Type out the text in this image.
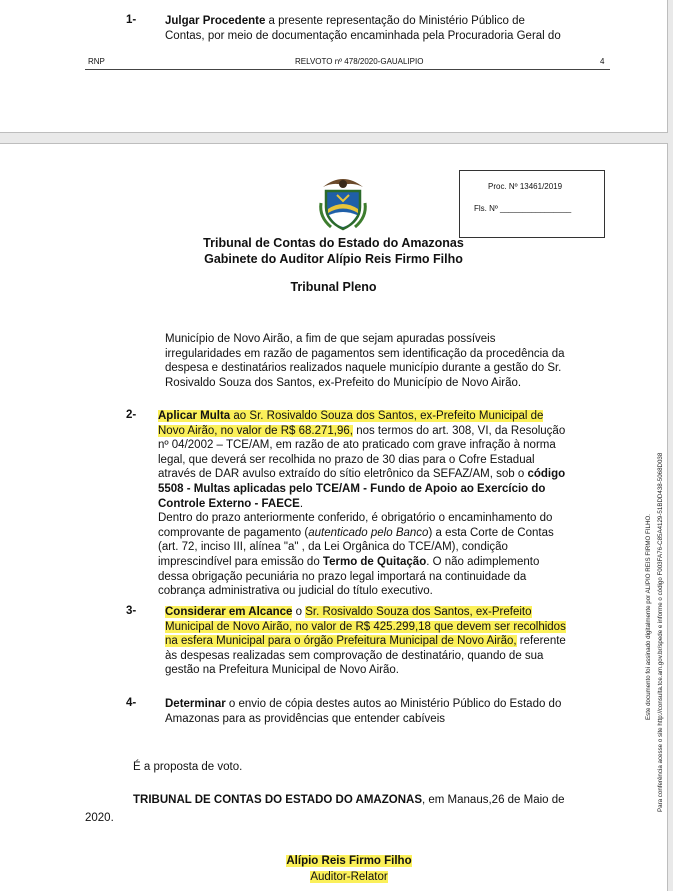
1-	Julgar Procedente a presente representação do Ministério Público de
Contas, por meio de documentação encaminhada pela Procuradoria Geral do
RNP	RELVOTO nº 478/2020-GAUALIPIO	4
Proc. Nº 13461/2019
Fls. Nº ________________
Tribunal de Contas do Estado do Amazonas
Gabinete do Auditor Alípio Reis Firmo Filho
Tribunal Pleno
Município de Novo Airão, a fim de que sejam apuradas possíveis
irregularidades em razão de pagamentos sem identificação da procedência da
despesa e destinatários realizados naquele município durante a gestão do Sr.
Rosivaldo Souza dos Santos, ex-Prefeito do Município de Novo Airão.
2- Aplicar Multa ao Sr. Rosivaldo Souza dos Santos, ex-Prefeito Municipal de
Novo Airão, no valor de R$ 68.271,96, nos termos do art. 308, VI, da Resolução
nº 04/2002 – TCE/AM, em razão de ato praticado com grave infração à norma
legal, que deverá ser recolhida no prazo de 30 dias para o Cofre Estadual
através de DAR avulso extraído do sítio eletrônico da SEFAZ/AM, sob o código
5508 - Multas aplicadas pelo TCE/AM - Fundo de Apoio ao Exercício do
Controle Externo - FAECE.
Dentro do prazo anteriormente conferido, é obrigatório o encaminhamento do
comprovante de pagamento (autenticado pelo Banco) a esta Corte de Contas
(art. 72, inciso III, alínea "a" , da Lei Orgânica do TCE/AM), condição
imprescindível para emissão do Termo de Quitação. O não adimplemento
dessa obrigação pecuniária no prazo legal importará na continuidade da
cobrança administrativa ou judicial do título executivo.
3-	Considerar em Alcance o Sr. Rosivaldo Souza dos Santos, ex-Prefeito
Municipal de Novo Airão, no valor de R$ 425.299,18 que devem ser recolhidos
na esfera Municipal para o órgão Prefeitura Municipal de Novo Airão, referente
às despesas realizadas sem comprovação de destinatário, quando de sua
gestão na Prefeitura Municipal de Novo Airão.
4-	Determinar o envio de cópia destes autos ao Ministério Público do Estado do
Amazonas para as providências que entender cabíveis
É a proposta de voto.
TRIBUNAL DE CONTAS DO ESTADO DO AMAZONAS, em Manaus,26 de Maio de
2020.
Alípio Reis Firmo Filho
Auditor-Relator
Este documento foi assinado digitalmente por ALIPIO REIS FIRMO FILHO. Para conferência acesse o site http://consulta.tce.am.gov.br/spede e informe o código F003FA76-C85A4129-51BDD438-5068D038
